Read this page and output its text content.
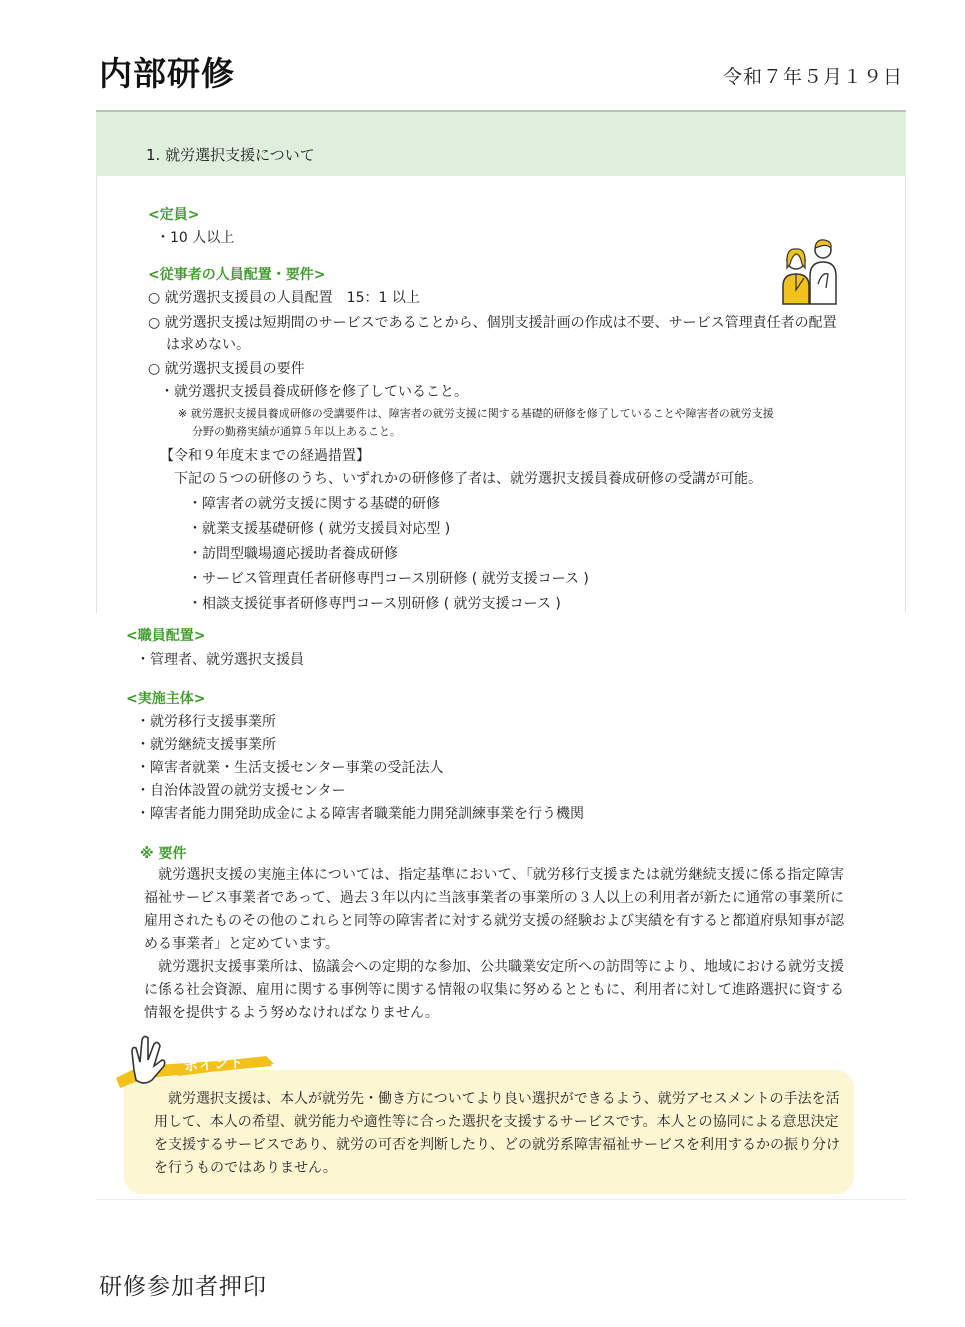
内部研修	令和７年５月１９日
1. 就労選択支援について
<定員>
・10 人以上
<従事者の人員配置・要件>
○ 就労選択支援員の人員配置　15：1 以上
○ 就労選択支援は短期間のサービスであることから、個別支援計画の作成は不要、サービス管理責任者の配置
は求めない。
○ 就労選択支援員の要件
・就労選択支援員養成研修を修了していること。
※ 就労選択支援員養成研修の受講要件は、障害者の就労支援に関する基礎的研修を修了していることや障害者の就労支援
分野の勤務実績が通算５年以上あること。
【令和９年度末までの経過措置】
下記の５つの研修のうち、いずれかの研修修了者は、就労選択支援員養成研修の受講が可能。
・障害者の就労支援に関する基礎的研修
・就業支援基礎研修 ( 就労支援員対応型 )
・訪問型職場適応援助者養成研修
・サービス管理責任者研修専門コース別研修 ( 就労支援コース )
・相談支援従事者研修専門コース別研修 ( 就労支援コース )
<職員配置>
・管理者、就労選択支援員
<実施主体>
・就労移行支援事業所
・就労継続支援事業所
・障害者就業・生活支援センター事業の受託法人
・自治体設置の就労支援センター
・障害者能力開発助成金による障害者職業能力開発訓練事業を行う機関
※ 要件
　就労選択支援の実施主体については、指定基準において、「就労移行支援または就労継続支援に係る指定障害福祉サービス事業者であって、過去３年以内に当該事業者の事業所の３人以上の利用者が新たに通常の事業所に雇用されたものその他のこれらと同等の障害者に対する就労支援の経験および実績を有すると都道府県知事が認める事業者」と定めています。
　就労選択支援事業所は、協議会への定期的な参加、公共職業安定所への訪問等により、地域における就労支援に係る社会資源、雇用に関する事例等に関する情報の収集に努めるとともに、利用者に対して進路選択に資する情報を提供するよう努めなければなりません。
　就労選択支援は、本人が就労先・働き方についてより良い選択ができるよう、就労アセスメントの手法を活用して、本人の希望、就労能力や適性等に合った選択を支援するサービスです。本人との協同による意思決定を支援するサービスであり、就労の可否を判断したり、どの就労系障害福祉サービスを利用するかの振り分けを行うものではありません。
ポイント
研修参加者押印
